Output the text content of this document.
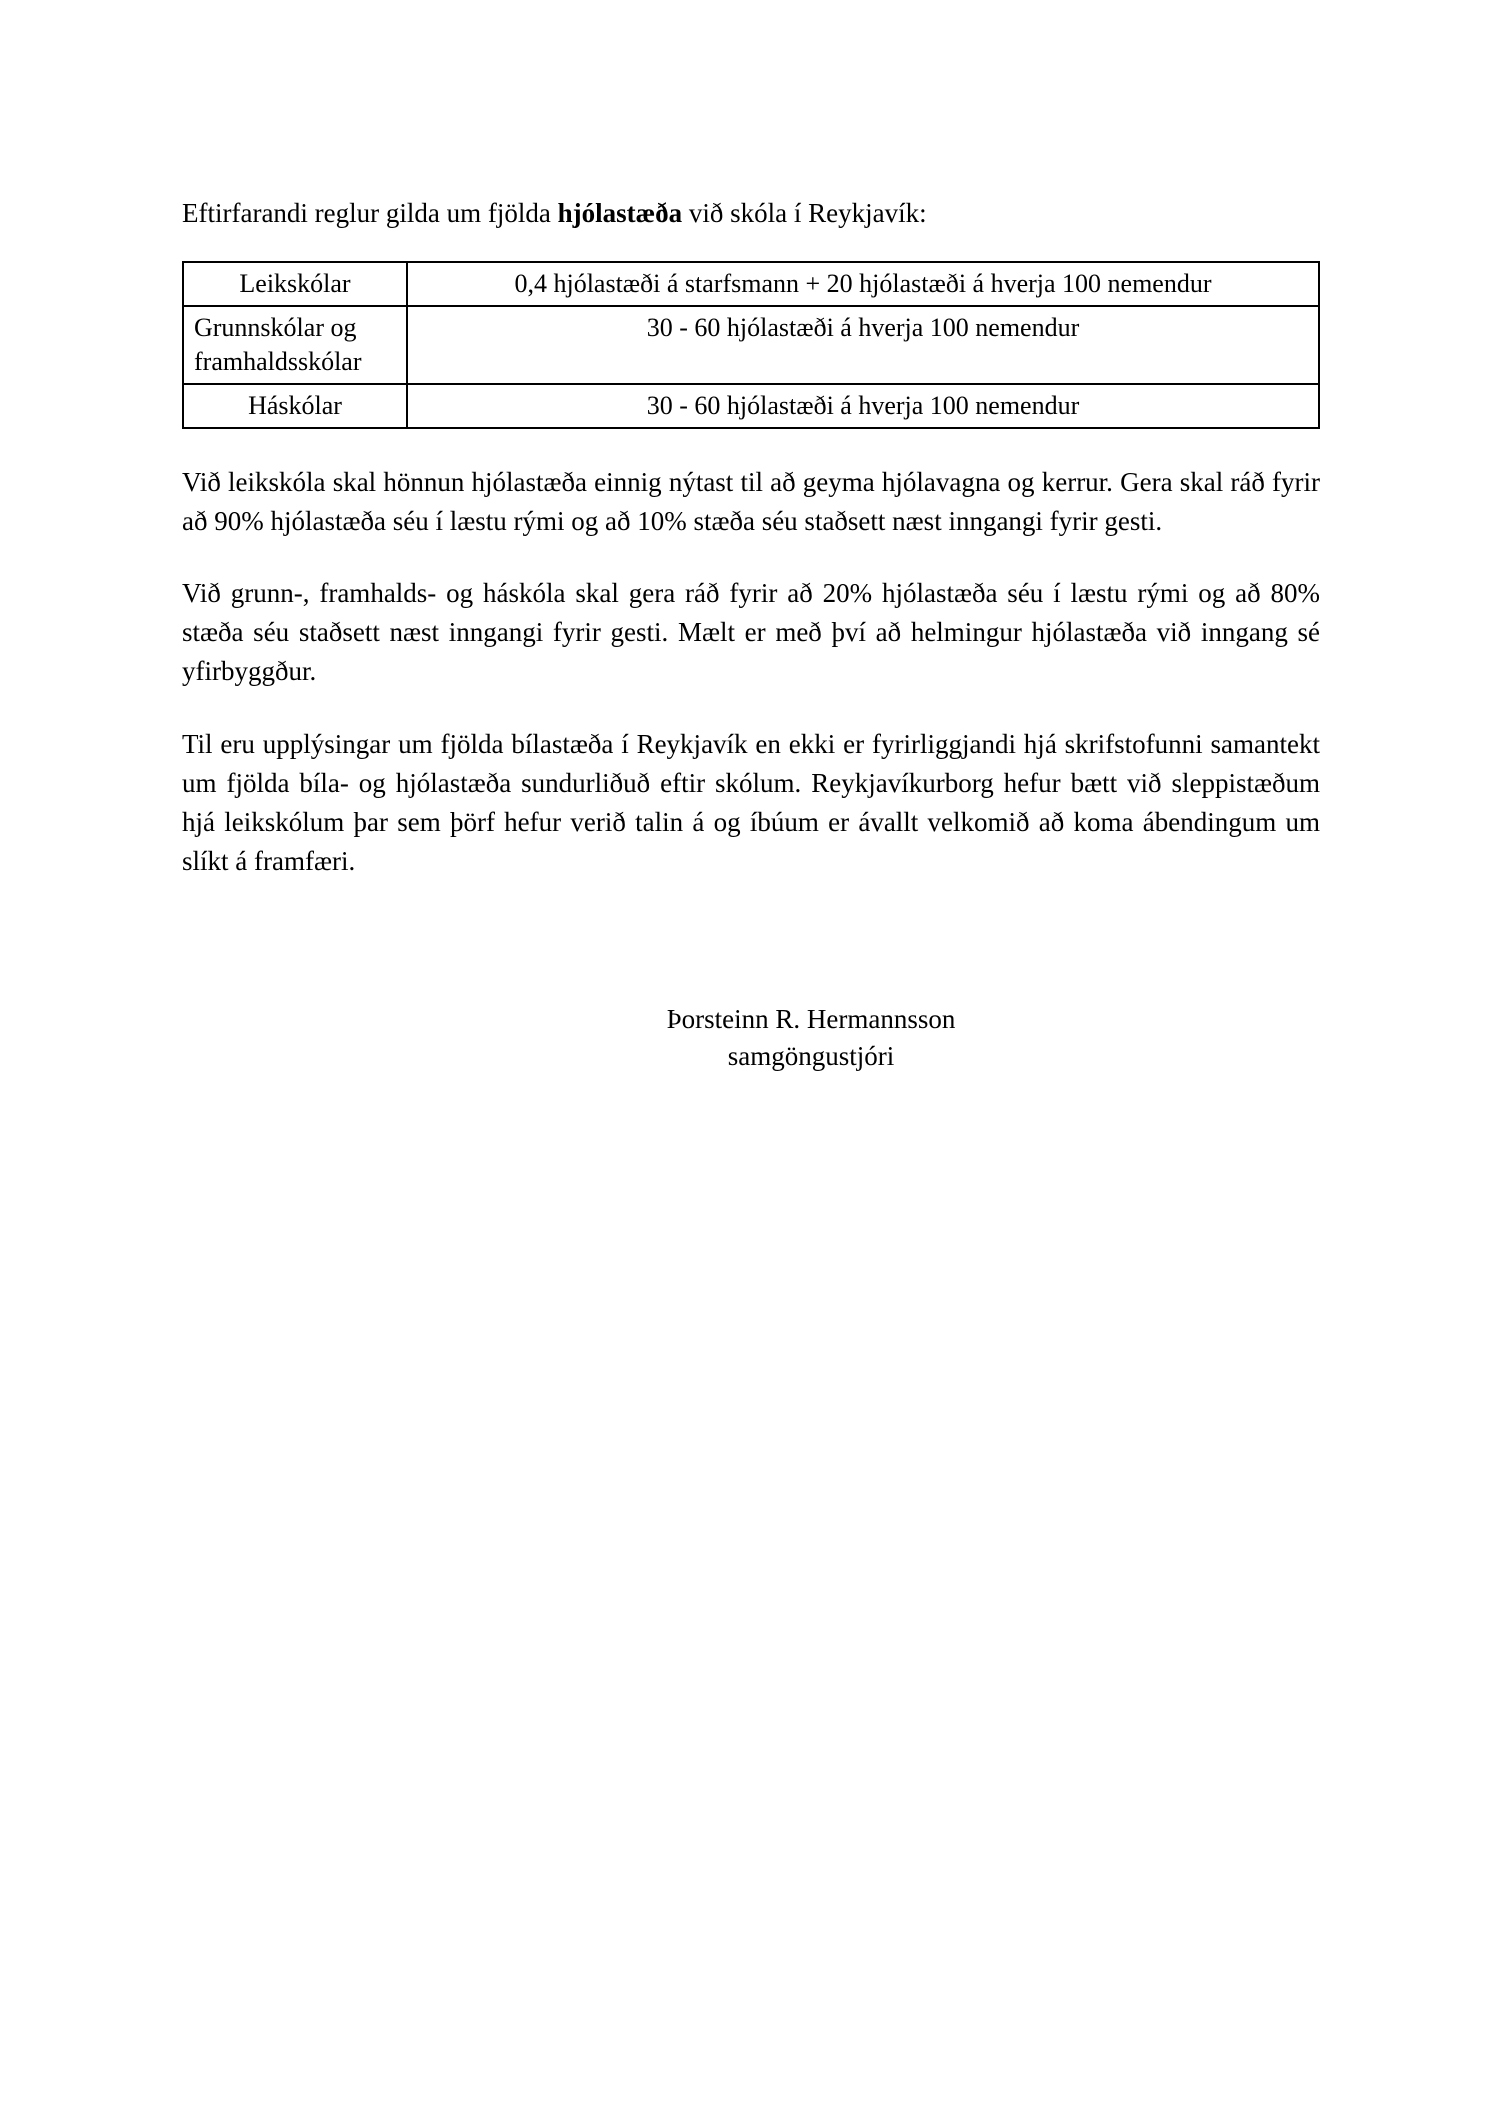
Eftirfarandi reglur gilda um fjölda hjólastæða við skóla í Reykjavík:

Leikskólar	0,4 hjólastæði á starfsmann + 20 hjólastæði á hverja 100 nemendur
Grunnskólar og framhaldsskólar	30 - 60 hjólastæði á hverja 100 nemendur
Háskólar	30 - 60 hjólastæði á hverja 100 nemendur

Við leikskóla skal hönnun hjólastæða einnig nýtast til að geyma hjólavagna og kerrur. Gera skal ráð fyrir að 90% hjólastæða séu í læstu rými og að 10% stæða séu staðsett næst inngangi fyrir gesti.

Við grunn-, framhalds- og háskóla skal gera ráð fyrir að 20% hjólastæða séu í læstu rými og að 80% stæða séu staðsett næst inngangi fyrir gesti. Mælt er með því að helmingur hjólastæða við inngang sé yfirbyggður.

Til eru upplýsingar um fjölda bílastæða í Reykjavík en ekki er fyrirliggjandi hjá skrifstofunni samantekt um fjölda bíla- og hjólastæða sundurliðuð eftir skólum. Reykjavíkurborg hefur bætt við sleppistæðum hjá leikskólum þar sem þörf hefur verið talin á og íbúum er ávallt velkomið að koma ábendingum um slíkt á framfæri.

Þorsteinn R. Hermannsson
samgöngustjóri
